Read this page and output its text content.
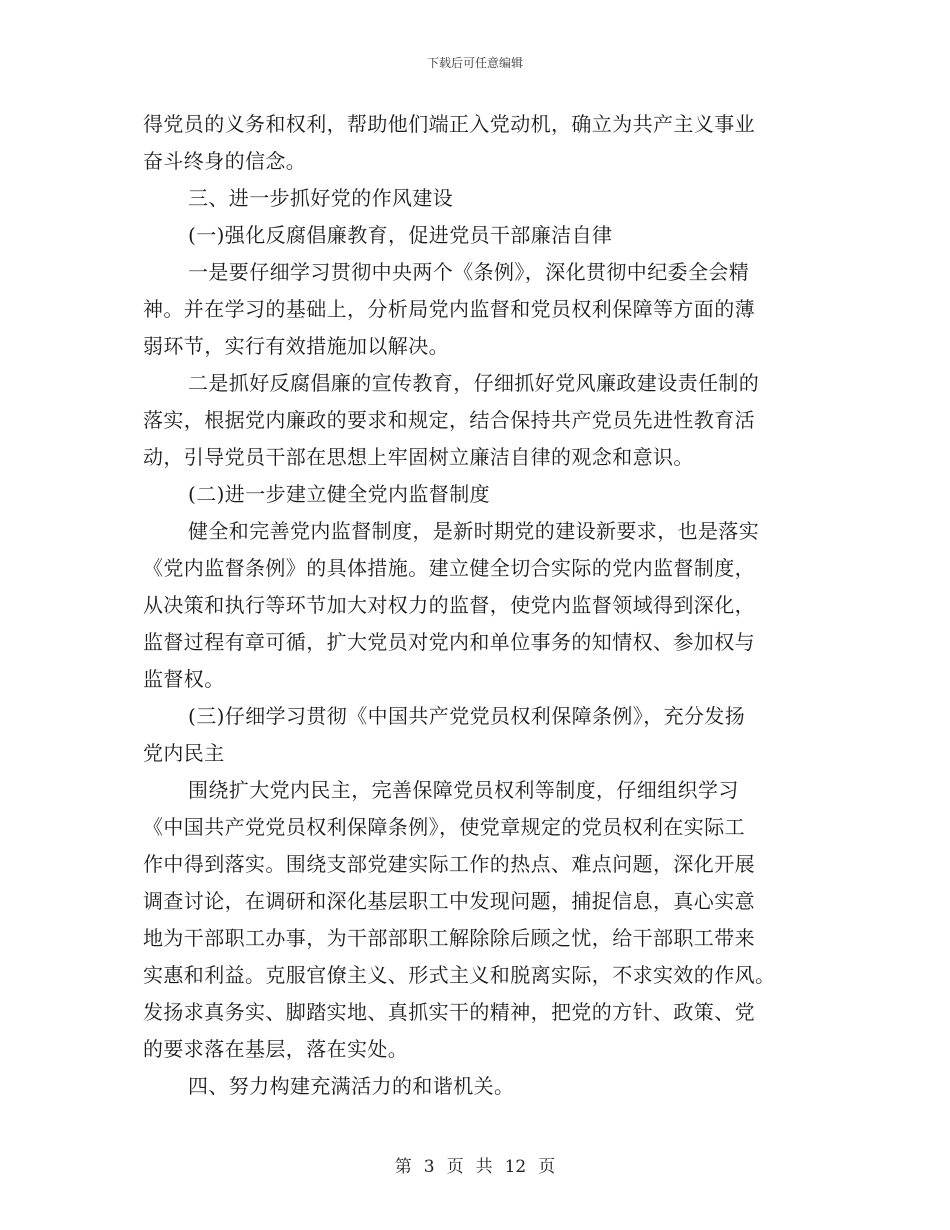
下载后可任意编辑
得党员的义务和权利，帮助他们端正入党动机，确立为共产主义事业
奋斗终身的信念。
三、进一步抓好党的作风建设
(一)强化反腐倡廉教育，促进党员干部廉洁自律
一是要仔细学习贯彻中央两个《条例》，深化贯彻中纪委全会精
神。并在学习的基础上，分析局党内监督和党员权利保障等方面的薄
弱环节，实行有效措施加以解决。
二是抓好反腐倡廉的宣传教育，仔细抓好党风廉政建设责任制的
落实，根据党内廉政的要求和规定，结合保持共产党员先进性教育活
动，引导党员干部在思想上牢固树立廉洁自律的观念和意识。
(二)进一步建立健全党内监督制度
健全和完善党内监督制度，是新时期党的建设新要求，也是落实
《党内监督条例》的具体措施。建立健全切合实际的党内监督制度，
从决策和执行等环节加大对权力的监督，使党内监督领域得到深化，
监督过程有章可循，扩大党员对党内和单位事务的知情权、参加权与
监督权。
(三)仔细学习贯彻《中国共产党党员权利保障条例》，充分发扬
党内民主
围绕扩大党内民主，完善保障党员权利等制度，仔细组织学习
《中国共产党党员权利保障条例》，使党章规定的党员权利在实际工
作中得到落实。围绕支部党建实际工作的热点、难点问题，深化开展
调查讨论，在调研和深化基层职工中发现问题，捕捉信息，真心实意
地为干部职工办事，为干部部职工解除除后顾之忧，给干部职工带来
实惠和利益。克服官僚主义、形式主义和脱离实际，不求实效的作风。
发扬求真务实、脚踏实地、真抓实干的精神，把党的方针、政策、党
的要求落在基层，落在实处。
四、努力构建充满活力的和谐机关。
第 3 页 共 12 页
